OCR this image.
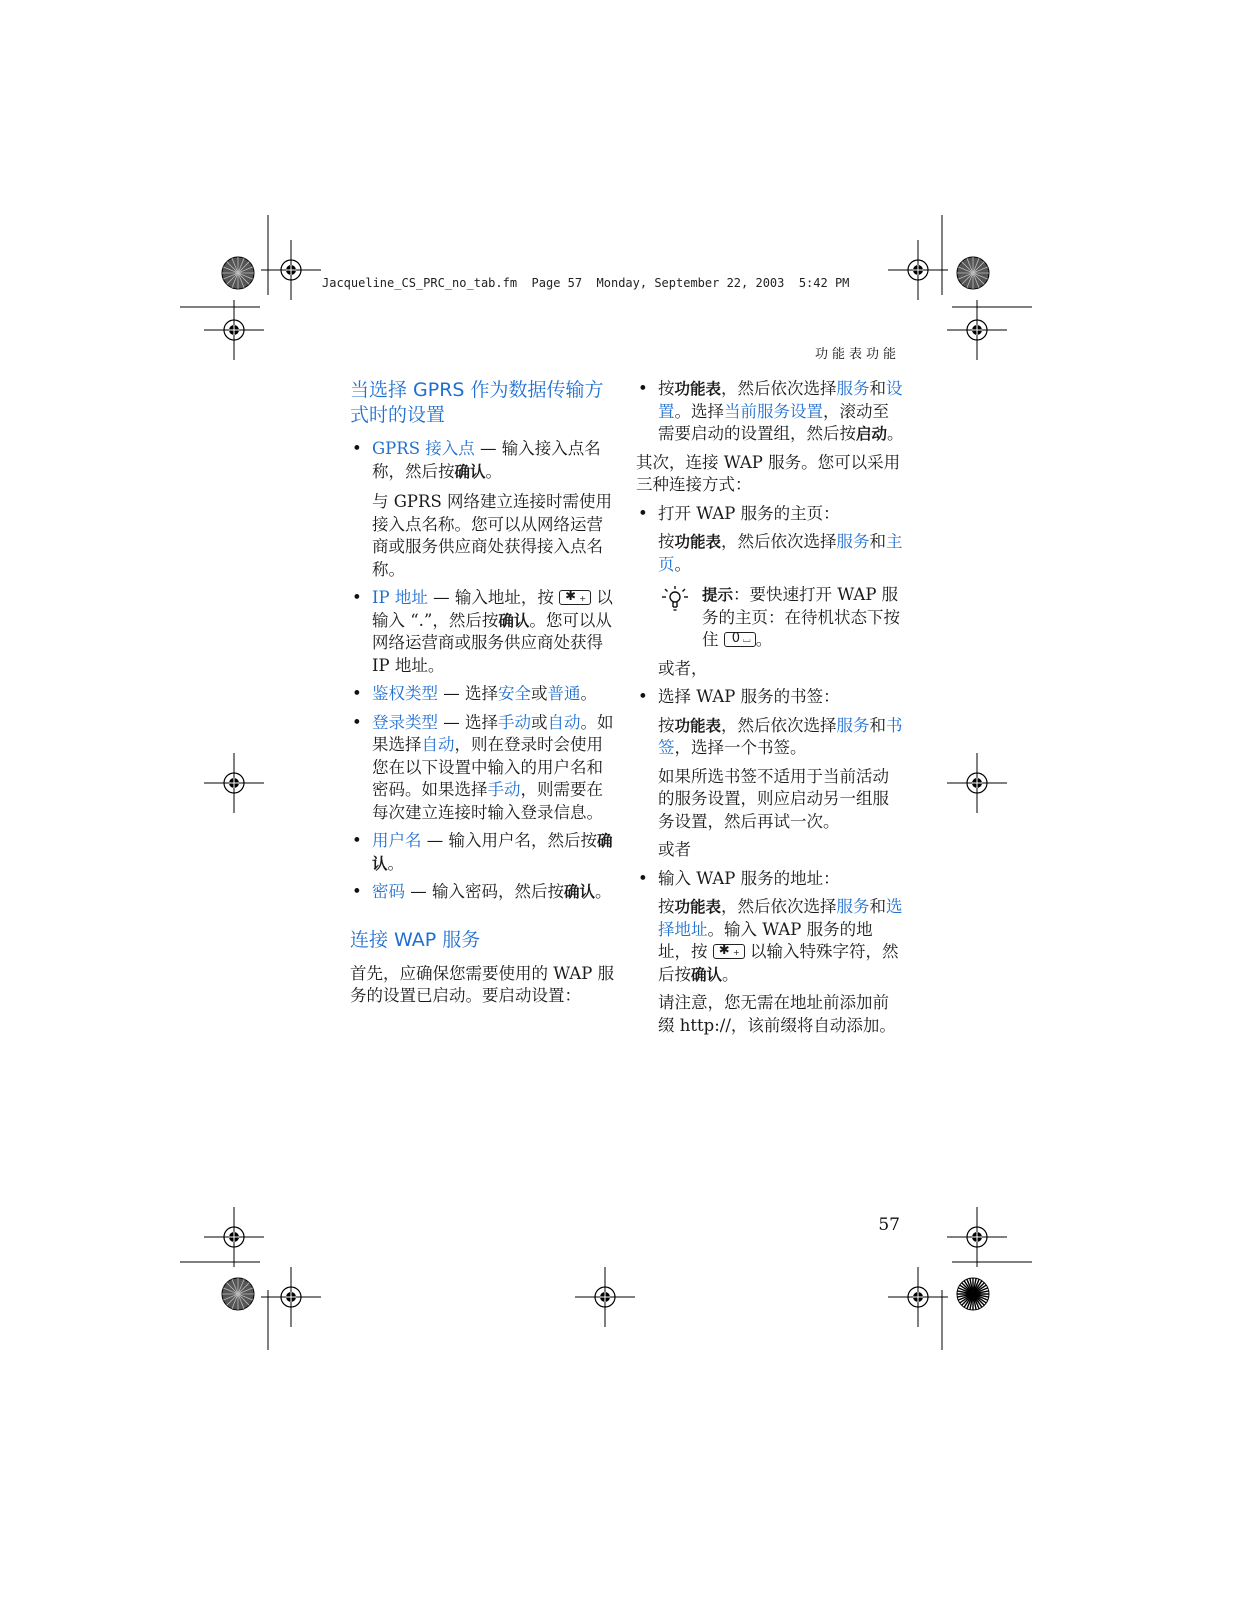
Jacqueline_CS_PRC_no_tab.fm  Page 57  Monday, September 22, 2003  5:42 PM
功能表功能
当选择 GPRS 作为数据传输方式时的设置
• GPRS 接入点 — 输入接入点名称，然后按确认。
与 GPRS 网络建立连接时需使用接入点名称。您可以从网络运营商或服务供应商处获得接入点名称。
• IP 地址 — 输入地址，按 ✱ + 以输入 “.”，然后按确认。您可以从网络运营商或服务供应商处获得 IP 地址。
• 鉴权类型 — 选择安全或普通。
• 登录类型 — 选择手动或自动。如果选择自动，则在登录时会使用您在以下设置中输入的用户名和密码。如果选择手动，则需要在每次建立连接时输入登录信息。
• 用户名 — 输入用户名，然后按确认。
• 密码 — 输入密码，然后按确认。
连接 WAP 服务
首先，应确保您需要使用的 WAP 服务的设置已启动。要启动设置：
• 按功能表，然后依次选择服务和设置。选择当前服务设置，滚动至需要启动的设置组，然后按启动。
其次，连接 WAP 服务。您可以采用三种连接方式：
• 打开 WAP 服务的主页：
按功能表，然后依次选择服务和主页。
提示：要快速打开 WAP 服务的主页：在待机状态下按住 0 ⌴ 。
或者，
• 选择 WAP 服务的书签：
按功能表，然后依次选择服务和书签，选择一个书签。
如果所选书签不适用于当前活动的服务设置，则应启动另一组服务设置，然后再试一次。
或者
• 输入 WAP 服务的地址：
按功能表，然后依次选择服务和选择地址。输入 WAP 服务的地址，按 ✱ + 以输入特殊字符，然后按确认。
请注意，您无需在地址前添加前缀 http://，该前缀将自动添加。
57
